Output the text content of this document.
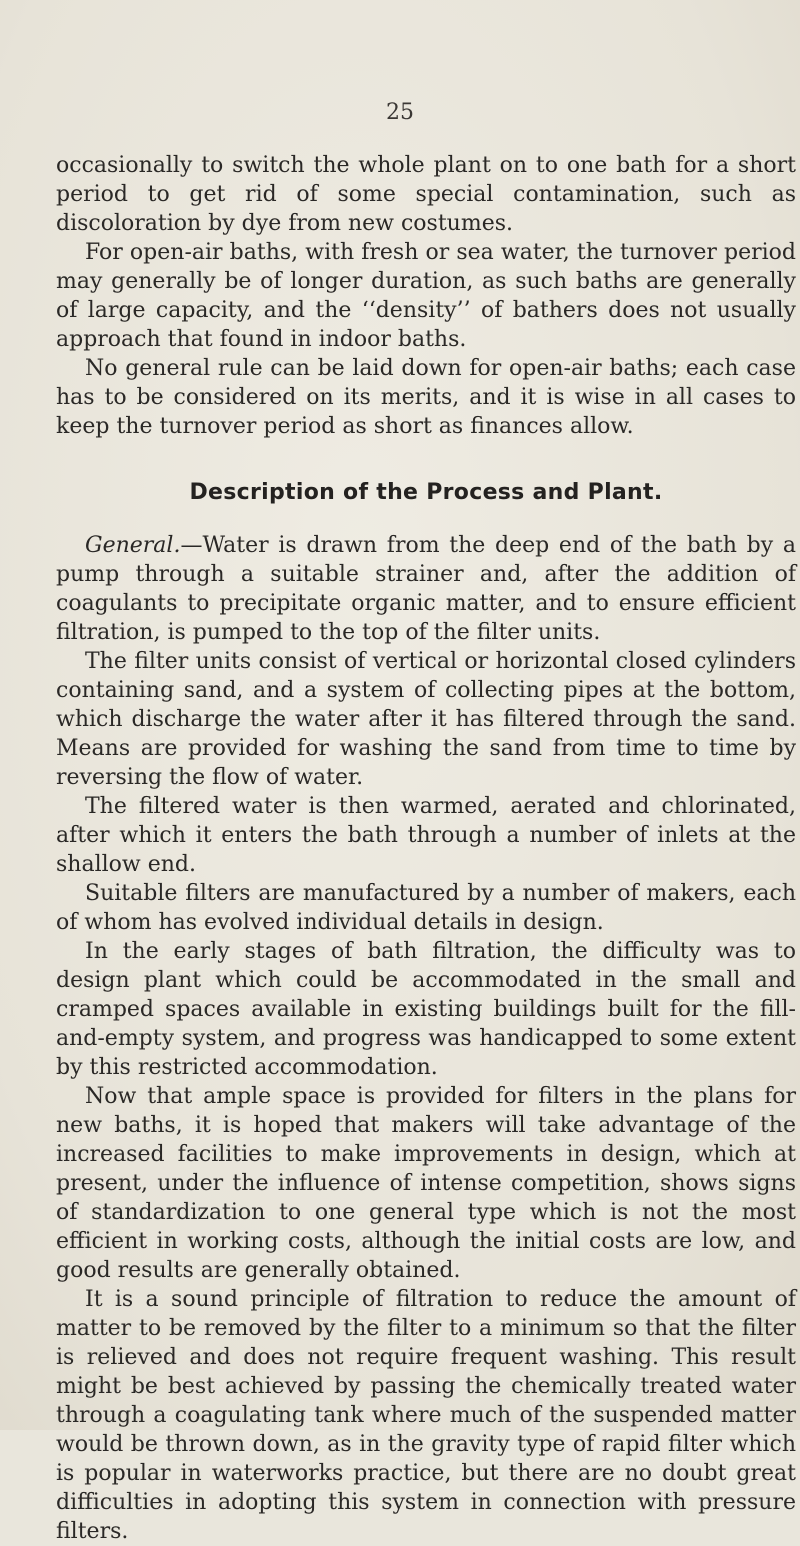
25

occasionally to switch the whole plant on to one bath for a short period to get rid of some special contamination, such as discoloration by dye from new costumes.

For open-air baths, with fresh or sea water, the turnover period may generally be of longer duration, as such baths are generally of large capacity, and the ‘‘density’’ of bathers does not usually approach that found in indoor baths.

No general rule can be laid down for open-air baths; each case has to be considered on its merits, and it is wise in all cases to keep the turnover period as short as finances allow.

Description of the Process and Plant.

General.—Water is drawn from the deep end of the bath by a pump through a suitable strainer and, after the addition of coagulants to precipitate organic matter, and to ensure efficient filtration, is pumped to the top of the filter units.

The filter units consist of vertical or horizontal closed cylinders containing sand, and a system of collecting pipes at the bottom, which discharge the water after it has filtered through the sand. Means are provided for washing the sand from time to time by reversing the flow of water.

The filtered water is then warmed, aerated and chlorinated, after which it enters the bath through a number of inlets at the shallow end.

Suitable filters are manufactured by a number of makers, each of whom has evolved individual details in design.

In the early stages of bath filtration, the difficulty was to design plant which could be accommodated in the small and cramped spaces available in existing buildings built for the fill-and-empty system, and progress was handicapped to some extent by this restricted accommodation.

Now that ample space is provided for filters in the plans for new baths, it is hoped that makers will take advantage of the increased facilities to make improvements in design, which at present, under the influence of intense competition, shows signs of standardization to one general type which is not the most efficient in working costs, although the initial costs are low, and good results are generally obtained.

It is a sound principle of filtration to reduce the amount of matter to be removed by the filter to a minimum so that the filter is relieved and does not require frequent washing. This result might be best achieved by passing the chemically treated water through a coagulating tank where much of the suspended matter would be thrown down, as in the gravity type of rapid filter which is popular in waterworks practice, but there are no doubt great difficulties in adopting this system in connection with pressure filters.
